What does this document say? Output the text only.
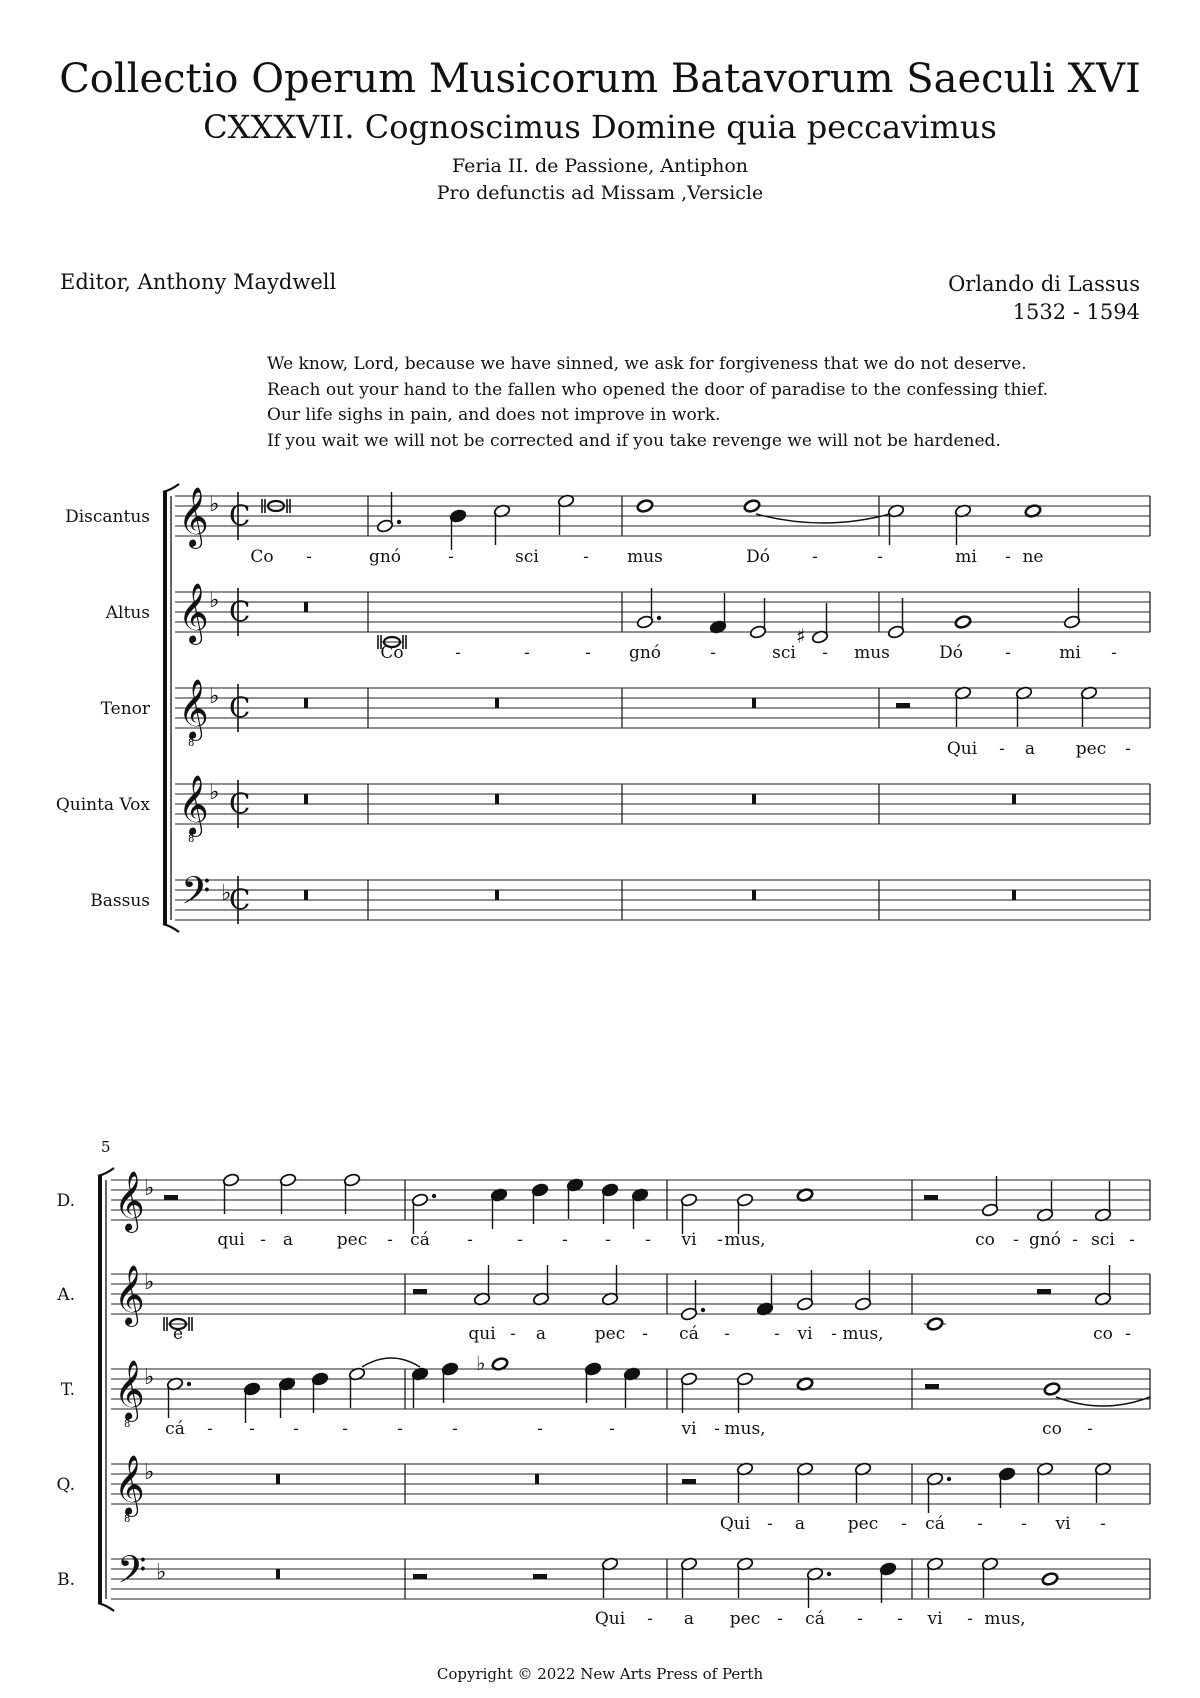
Collectio Operum Musicorum Batavorum Saeculi XVI
CXXXVII. Cognoscimus Domine quia peccavimus
Feria II. de Passione, Antiphon
Pro defunctis ad Missam ,Versicle
Editor, Anthony Maydwell	Orlando di Lassus
1532 - 1594
We know, Lord, because we have sinned, we ask for forgiveness that we do not deserve.
Reach out your hand to the fallen who opened the door of paradise to the confessing thief.
Our life sighs in pain, and does not improve in work.
If you wait we will not be corrected and if you take revenge we will not be hardened.
𝄞 ♭ C
Discantus
𝄞 ♭ C
Altus
𝄞
8
♭ C
Tenor
𝄞
8
♭ C
Quinta Vox
𝄢 ♭
C
Bassus
♯
Co -	gnó	-	sci	- mus	Dó -	-	mi - ne
Co	-	-	- gnó	-	sci - mus	Dó -	mi -
Qui - a pec -
5
𝄞 ♭
D.
𝄞 ♭
A.
𝄞
8
♭
T.
𝄞
8
♭
Q.
𝄢 ♭
B.
♭
qui - a	pec - cá -	- - - - vi - mus,	co - gnó - sci -
e	qui - a	pec - cá -	- vi - mus,	co -
cá - - -	-	-	-	-	-	vi - mus,	co -
Qui - a	pec - cá - - vi -
Qui - a pec - cá - - vi - mus,
Copyright © 2022 New Arts Press of Perth
